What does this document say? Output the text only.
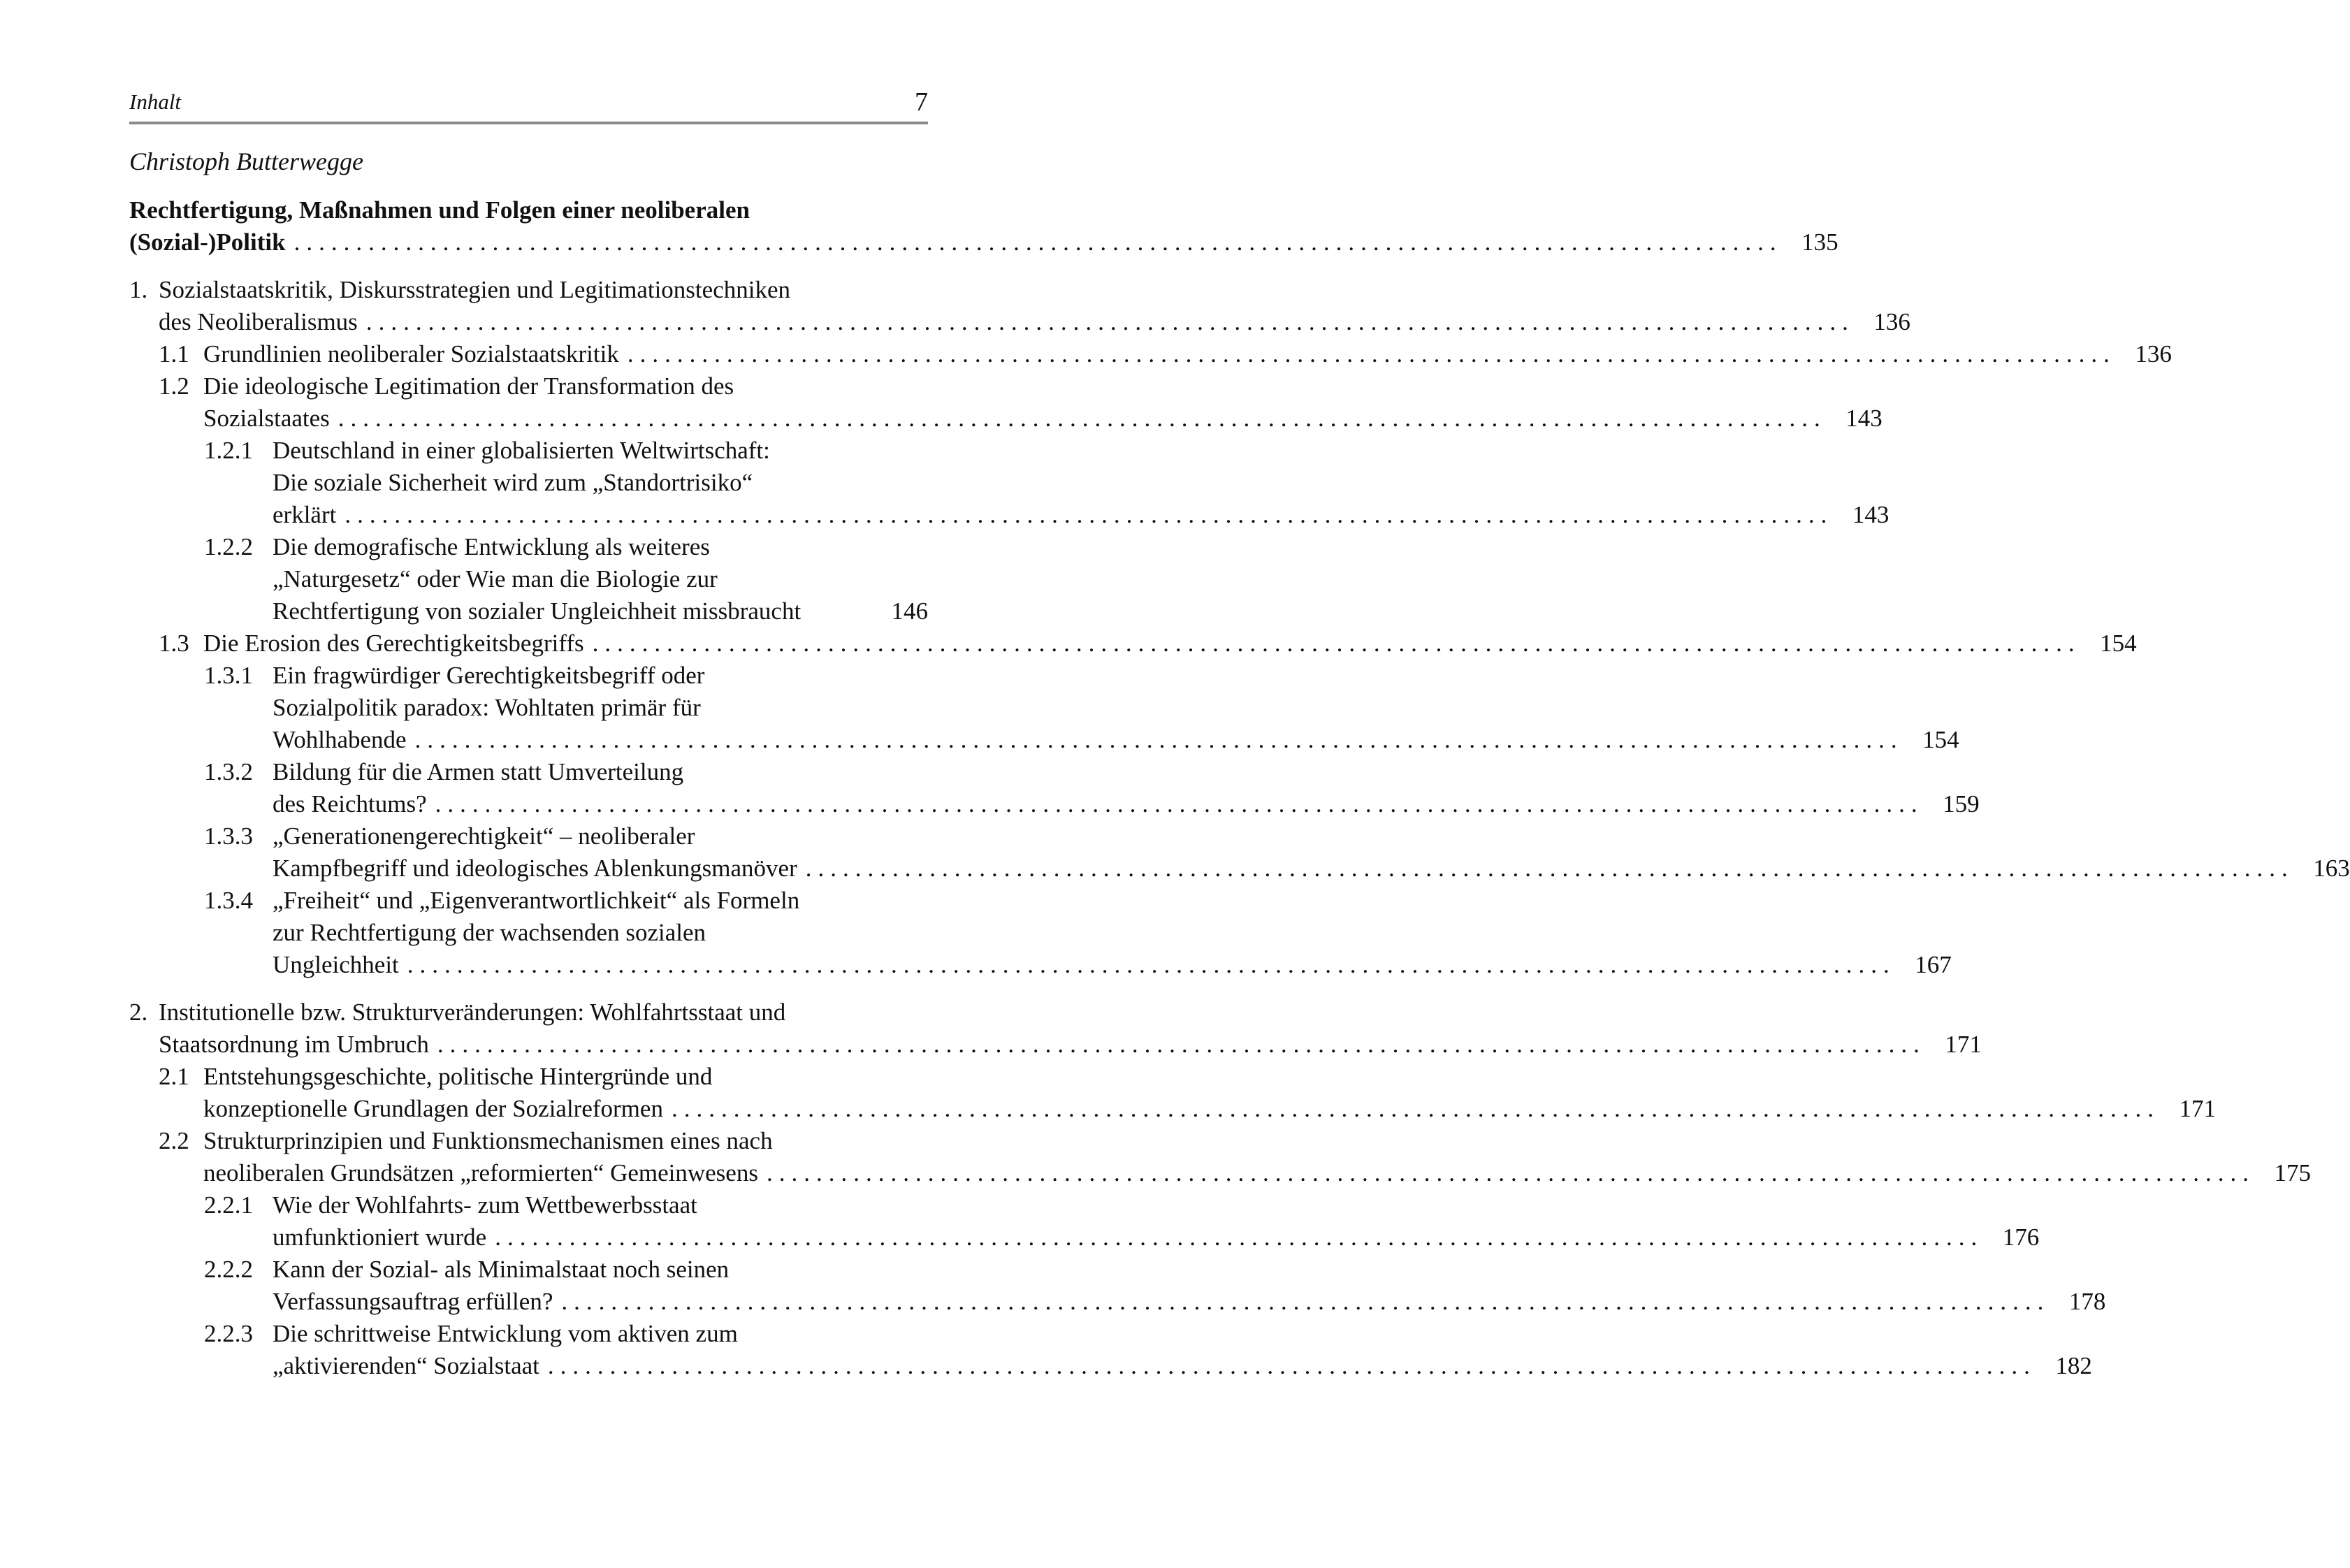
Inhalt	7
Christoph Butterwegge
Rechtfertigung, Maßnahmen und Folgen einer neoliberalen
(Sozial-)Politik ........................................................................................................................ 135
1. Sozialstaatskritik, Diskursstrategien und Legitimationstechniken
des Neoliberalismus ........................................................................................................................ 136
1.1 Grundlinien neoliberaler Sozialstaatskritik ........................................................................................................................ 136
1.2 Die ideologische Legitimation der Transformation des
Sozialstaates ........................................................................................................................ 143
1.2.1 Deutschland in einer globalisierten Weltwirtschaft:
Die soziale Sicherheit wird zum „Standortrisiko“
erklärt ........................................................................................................................ 143
1.2.2 Die demografische Entwicklung als weiteres
„Naturgesetz“ oder Wie man die Biologie zur
Rechtfertigung von sozialer Ungleichheit missbraucht	146
1.3 Die Erosion des Gerechtigkeitsbegriffs ........................................................................................................................ 154
1.3.1 Ein fragwürdiger Gerechtigkeitsbegriff oder
Sozialpolitik paradox: Wohltaten primär für
Wohlhabende ........................................................................................................................ 154
1.3.2 Bildung für die Armen statt Umverteilung
des Reichtums? ........................................................................................................................ 159
1.3.3 „Generationengerechtigkeit“ – neoliberaler
Kampfbegriff und ideologisches Ablenkungsmanöver ........................................................................................................................ 163
1.3.4 „Freiheit“ und „Eigenverantwortlichkeit“ als Formeln
zur Rechtfertigung der wachsenden sozialen
Ungleichheit ........................................................................................................................ 167
2. Institutionelle bzw. Strukturveränderungen: Wohlfahrtsstaat und
Staatsordnung im Umbruch ........................................................................................................................ 171
2.1 Entstehungsgeschichte, politische Hintergründe und
konzeptionelle Grundlagen der Sozialreformen ........................................................................................................................ 171
2.2 Strukturprinzipien und Funktionsmechanismen eines nach
neoliberalen Grundsätzen „reformierten“ Gemeinwesens ........................................................................................................................ 175
2.2.1 Wie der Wohlfahrts- zum Wettbewerbsstaat
umfunktioniert wurde ........................................................................................................................ 176
2.2.2 Kann der Sozial- als Minimalstaat noch seinen
Verfassungsauftrag erfüllen? ........................................................................................................................ 178
2.2.3 Die schrittweise Entwicklung vom aktiven zum
„aktivierenden“ Sozialstaat ........................................................................................................................ 182
